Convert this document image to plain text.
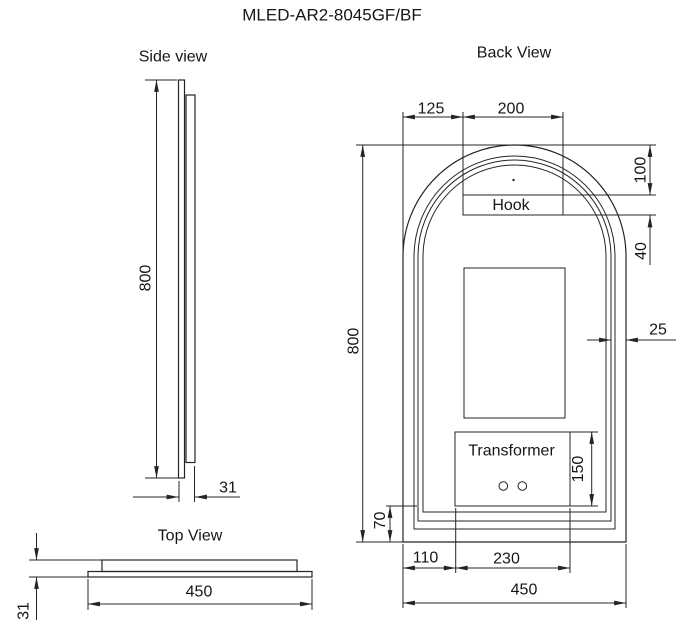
MLED-AR2-8045GF/BF
Side view
800
31
Top View
31
450
Back View
Hook
Transformer
125	200
800
100
40
25
150
70
110	230
450
